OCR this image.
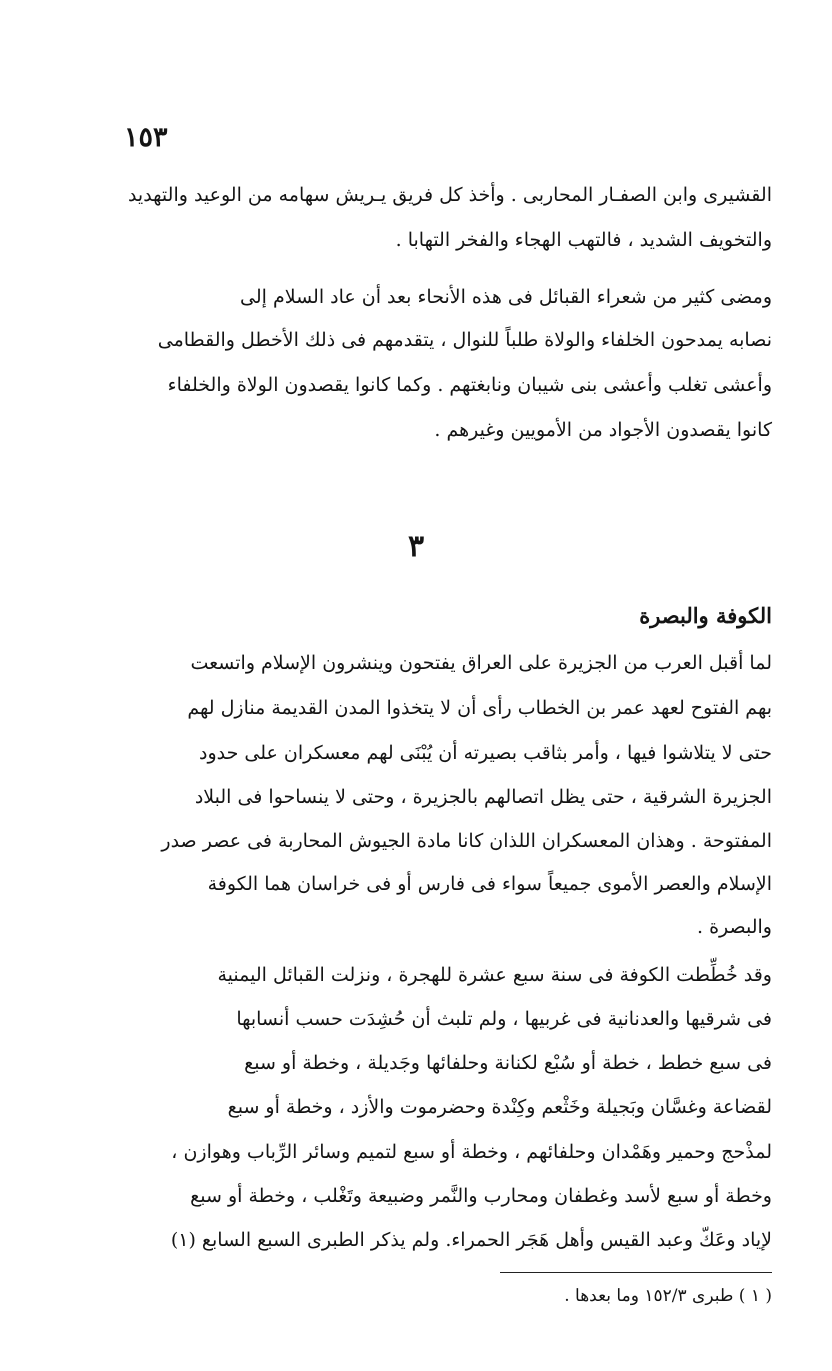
١٥٣
القشيرى وابن الصفـار المحاربى . وأخذ كل فريق يـريش سهامه من الوعيد والتهديد
والتخويف الشديد ، فالتهب الهجاء والفخر التهابا .
ومضى كثير من شعراء القبائل فى هذه الأنحاء بعد أن عاد السلام إلى
نصابه يمدحون الخلفاء والولاة طلباً للنوال ، يتقدمهم فى ذلك الأخطل والقطامى
وأعشى تغلب وأعشى بنى شيبان ونابغتهم . وكما كانوا يقصدون الولاة والخلفاء
كانوا يقصدون الأجواد من الأمويين وغيرهم .
٣
الكوفة والبصرة
لما أقبل العرب من الجزيرة على العراق يفتحون وينشرون الإسلام واتسعت
بهم الفتوح لعهد عمر بن الخطاب رأى أن لا يتخذوا المدن القديمة منازل لهم
حتى لا يتلاشوا فيها ، وأمر بثاقب بصيرته أن يُبْنَى لهم معسكران على حدود
الجزيرة الشرقية ، حتى يظل اتصالهم بالجزيرة ، وحتى لا ينساحوا فى البلاد
المفتوحة . وهذان المعسكران اللذان كانا مادة الجيوش المحاربة فى عصر صدر
الإسلام والعصر الأموى جميعاً سواء فى فارس أو فى خراسان هما الكوفة
والبصرة .
وقد خُطِّطت الكوفة فى سنة سبع عشرة للهجرة ، ونزلت القبائل اليمنية
فى شرقيها والعدنانية فى غربيها ، ولم تلبث أن حُشِدَت حسب أنسابها
فى سبع خطط ، خطة أو سُبْع لكنانة وحلفائها وجَديلة ، وخطة أو سبع
لقضاعة وغسَّان وبَجيلة وخَثْعم وكِنْدة وحضرموت والأزد ، وخطة أو سبع
لمذْحج وحمير وهَمْدان وحلفائهم ، وخطة أو سبع لتميم وسائر الرِّباب وهوازن ،
وخطة أو سبع لأسد وغطفان ومحارب والنَّمر وضبيعة وتَغْلب ، وخطة أو سبع
لإياد وعَكّ وعبد القيس وأهل هَجَر الحمراء. ولم يذكر الطبرى السبع السابع (١)
( ١ ) طبرى ١٥٢/٣ وما بعدها .
